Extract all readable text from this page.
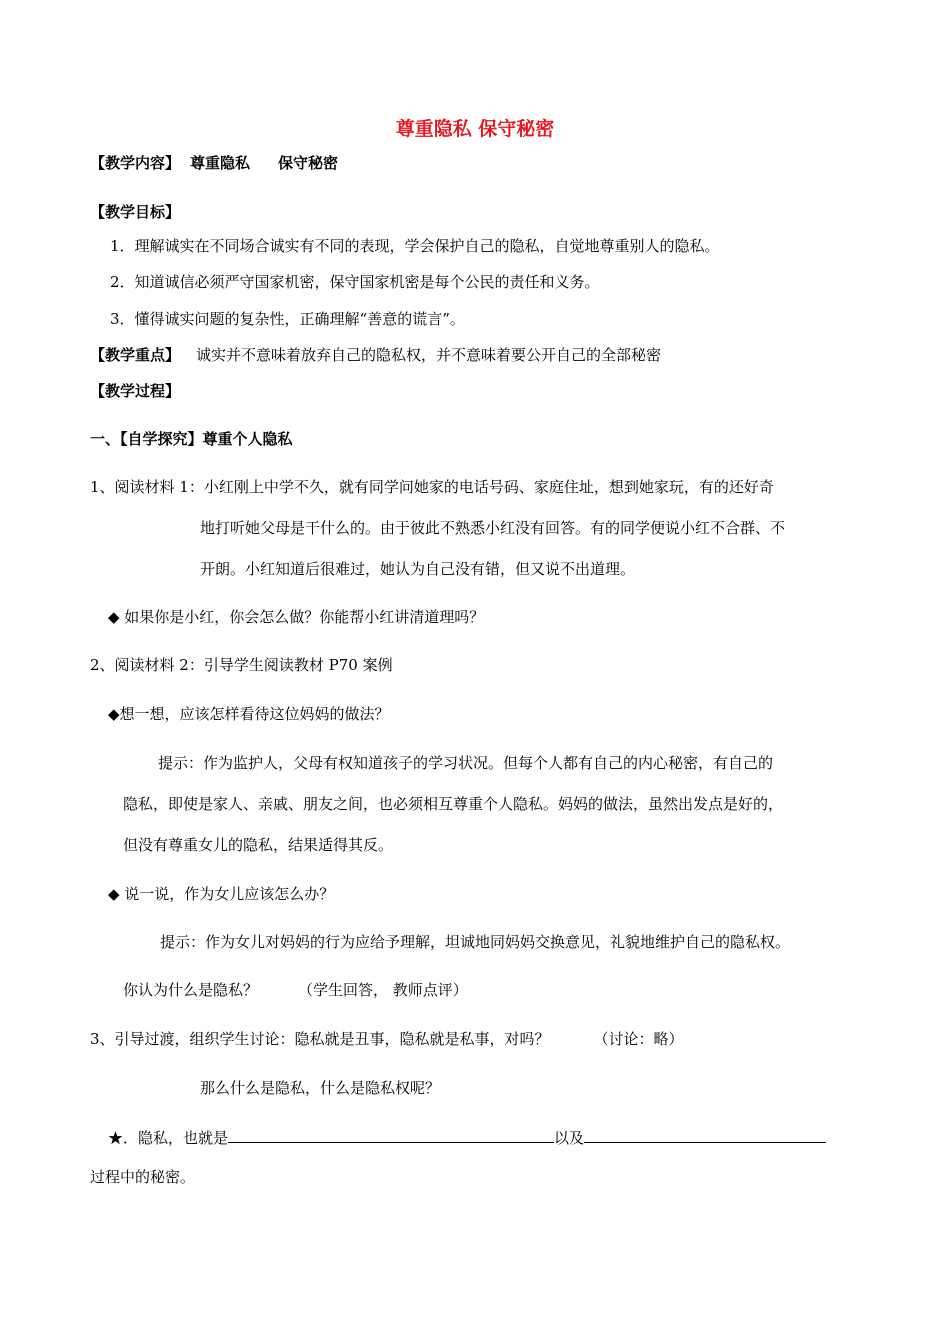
尊重隐私 保守秘密
【教学内容】 尊重隐私 保守秘密
【教学目标】
1．理解诚实在不同场合诚实有不同的表现，学会保护自己的隐私，自觉地尊重别人的隐私。
2．知道诚信必须严守国家机密，保守国家机密是每个公民的责任和义务。
3．懂得诚实问题的复杂性，正确理解“善意的谎言”。
【教学重点】 诚实并不意味着放弃自己的隐私权，并不意味着要公开自己的全部秘密
【教学过程】
一、【自学探究】尊重个人隐私
1、阅读材料 1：小红刚上中学不久，就有同学问她家的电话号码、家庭住址，想到她家玩，有的还好奇
地打听她父母是干什么的。由于彼此不熟悉小红没有回答。有的同学便说小红不合群、不
开朗。小红知道后很难过，她认为自己没有错，但又说不出道理。
◆ 如果你是小红，你会怎么做？你能帮小红讲清道理吗？
2、阅读材料 2：引导学生阅读教材 P70 案例
◆想一想，应该怎样看待这位妈妈的做法？
提示：作为监护人，父母有权知道孩子的学习状况。但每个人都有自己的内心秘密，有自己的
隐私，即使是家人、亲戚、朋友之间，也必须相互尊重个人隐私。妈妈的做法，虽然出发点是好的，
但没有尊重女儿的隐私，结果适得其反。
◆ 说一说，作为女儿应该怎么办？
提示：作为女儿对妈妈的行为应给予理解，坦诚地同妈妈交换意见，礼貌地维护自己的隐私权。
你认为什么是隐私？	（学生回答， 教师点评）
3、引导过渡，组织学生讨论：隐私就是丑事，隐私就是私事，对吗？	（讨论：略）
那么什么是隐私，什么是隐私权呢？
★．隐私，也就是	以及
过程中的秘密。
